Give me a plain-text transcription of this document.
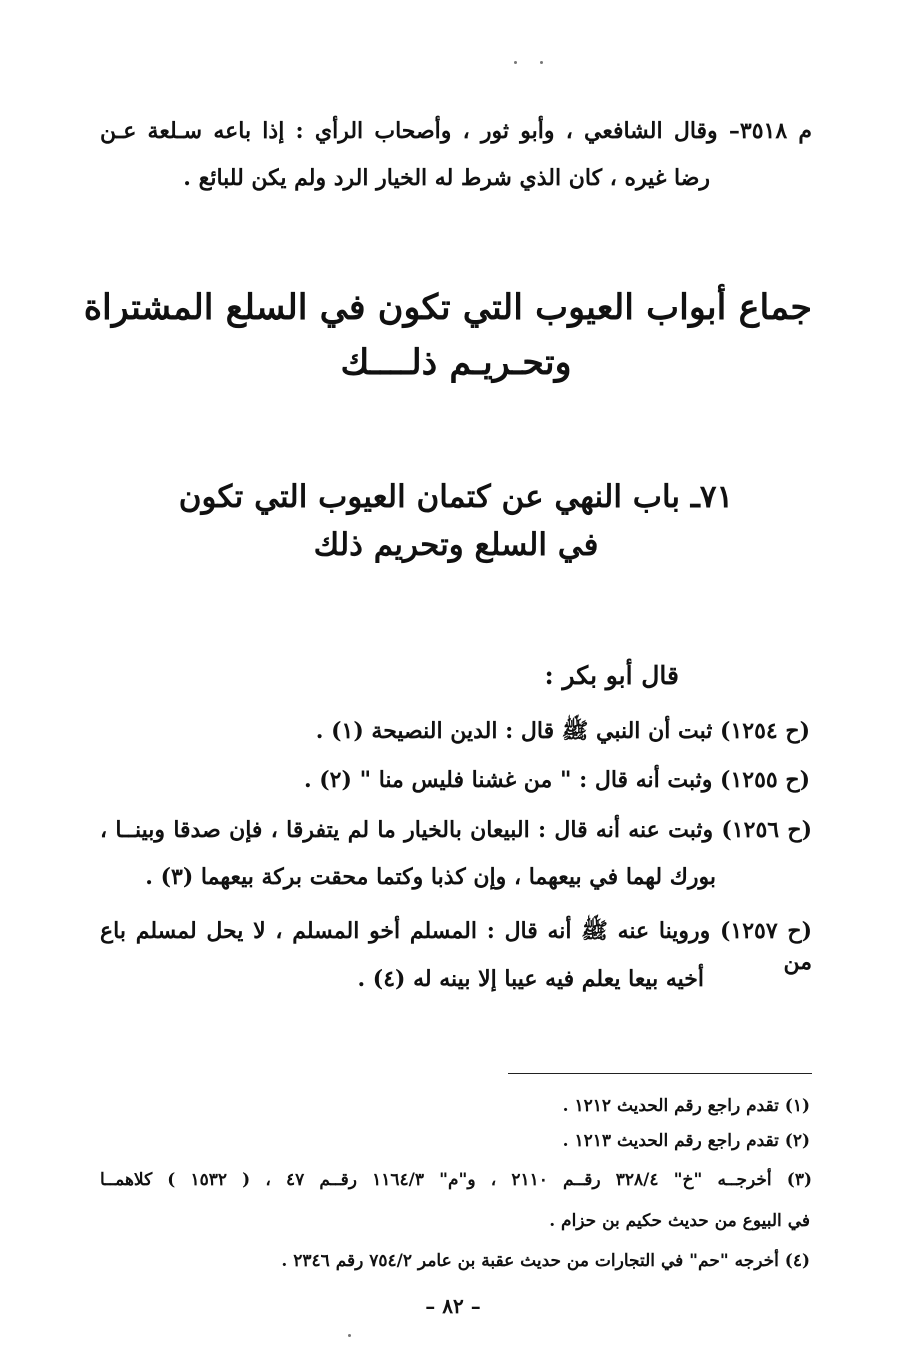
م ٣٥١٨– وقال الشافعي ، وأبو ثور ، وأصحاب الرأي : إذا باعه سـلعة عـن
رضا غيره ، كان الذي شرط له الخيار الرد ولم يكن للبائع .
جماع أبواب العيوب التي تكون في السلع المشتراة
وتحـريـم ذلــــك
٧١ـ باب النهي عن كتمان العيوب التي تكون
في السلع وتحريم ذلك
قال أبو بكر :
(ح ١٢٥٤) ثبت أن النبي ﷺ قال : الدين النصيحة (١) .
(ح ١٢٥٥) وثبت أنه قال : " من غشنا فليس منا " (٢) .
(ح ١٢٥٦) وثبت عنه أنه قال : البيعان بالخيار ما لم يتفرقا ، فإن صدقا وبينــا ،
بورك لهما في بيعهما ، وإن كذبا وكتما محقت بركة بيعهما (٣) .
(ح ١٢٥٧) وروينا عنه ﷺ أنه قال : المسلم أخو المسلم ، لا يحل لمسلم باع من
أخيه بيعا يعلم فيه عيبا إلا بينه له (٤) .
(١) تقدم راجع رقم الحديث ١٢١٢ .
(٢) تقدم راجع رقم الحديث ١٢١٣ .
(٣) أخرجــه "خ" ٣٢٨/٤ رقــم ٢١١٠ ، و"م" ١١٦٤/٣ رقــم ٤٧ ، ( ١٥٣٢ ) كلاهمــا
في البيوع من حديث حكيم بن حزام .
(٤) أخرجه "حم" في التجارات من حديث عقبة بن عامر ٧٥٤/٢ رقم ٢٣٤٦ .
– ٨٢ –
